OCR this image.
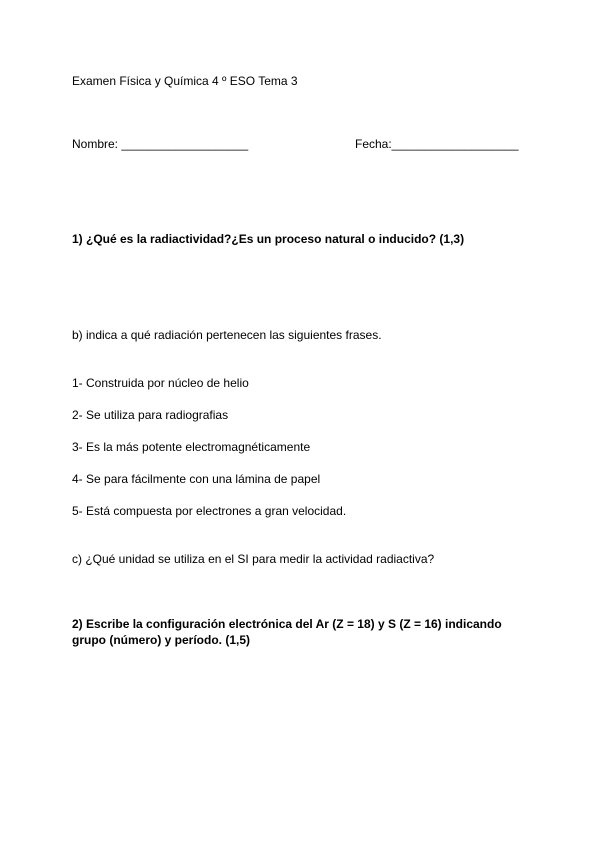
Examen Física y Química 4 º ESO Tema 3
Nombre: ___________________	Fecha:___________________
1) ¿Qué es la radiactividad?¿Es un proceso natural o inducido? (1,3)
b) indica a qué radiación pertenecen las siguientes frases.
1- Construida por núcleo de helio
2- Se utiliza para radiografias
3- Es la más potente electromagnéticamente
4- Se para fácilmente con una lámina de papel
5- Está compuesta por electrones a gran velocidad.
c) ¿Qué unidad se utiliza en el SI para medir la actividad radiactiva?
2) Escribe la configuración electrónica del Ar (Z = 18) y S (Z = 16) indicando grupo (número) y período. (1,5)
